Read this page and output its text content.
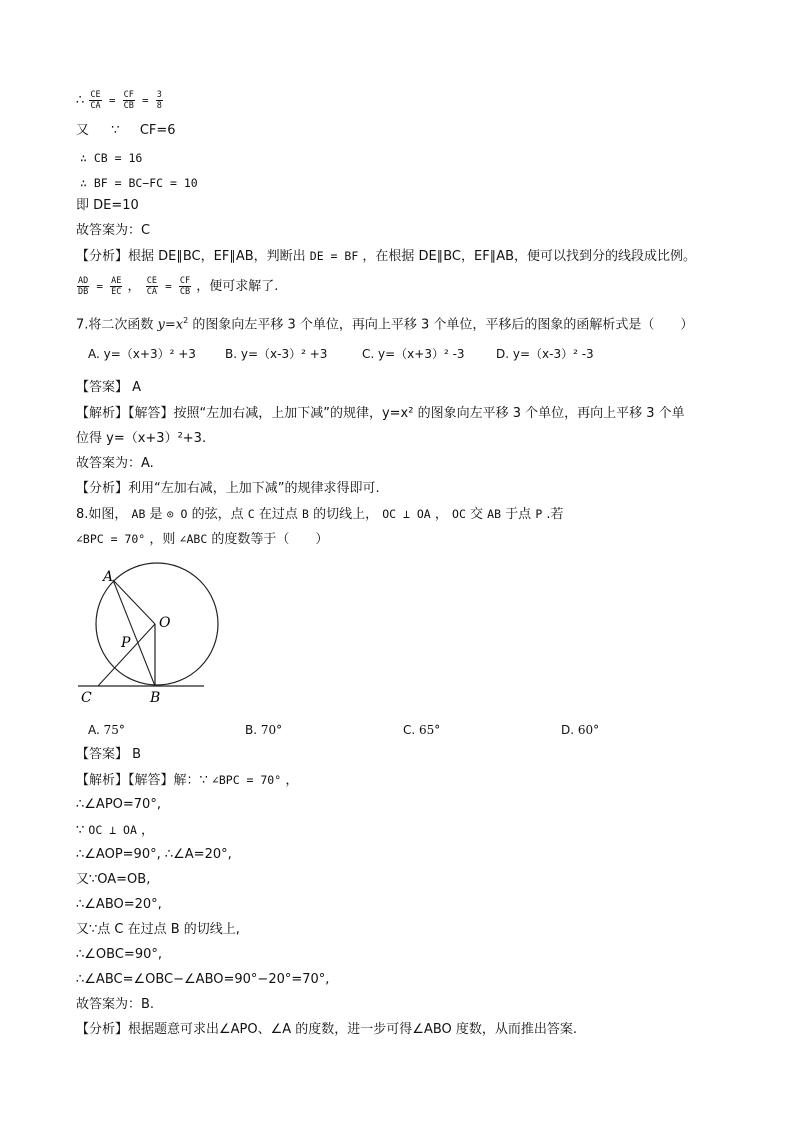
∴ $\frac{CE}{CA} = \frac{CF}{CB} = \frac{3}{8}$
又 ∵ CF=6
∴ CB = 16
∴ BF = BC−FC = 10
即 DE=10
故答案为：C
【分析】根据 DE∥BC，EF∥AB，判断出 DE = BF ，在根据 DE∥BC，EF∥AB，便可以找到分的线段成比例。
$\frac{AD}{DB} = \frac{AE}{EC}$ ， $\frac{CE}{CA} = \frac{CF}{CB}$ ，便可求解了.
7.将二次函数 $y=x^2$ 的图象向左平移 3 个单位，再向上平移 3 个单位，平移后的图象的函解析式是（　　）
A. y=（x+3）² +3 B. y=（x-3）² +3	C. y=（x+3）² -3	D. y=（x-3）² -3
【答案】 A
【解析】【解答】按照“左加右减，上加下减”的规律，y=x² 的图象向左平移 3 个单位，再向上平移 3 个单
位得 y=（x+3）²+3.
故答案为：A.
【分析】利用“左加右减，上加下减”的规律求得即可.
8.如图， AB 是 ⊙ O 的弦，点 C 在过点 B 的切线上， OC ⊥ OA ， OC 交 AB 于点 P .若
∠BPC = 70° ，则 ∠ABC 的度数等于（　　）
A
O
P
C	B
A. 75°	B. 70°	C. 65°	D. 60°
【答案】 B
【解析】【解答】解：∵ ∠BPC = 70° ，
∴∠APO=70°,
∵ OC ⊥ OA ，
∴∠AOP=90°, ∴∠A=20°,
又∵OA=OB,
∴∠ABO=20°,
又∵点 C 在过点 B 的切线上,
∴∠OBC=90°,
∴∠ABC=∠OBC−∠ABO=90°−20°=70°,
故答案为：B.
【分析】根据题意可求出∠APO、∠A 的度数，进一步可得∠ABO 度数，从而推出答案.
